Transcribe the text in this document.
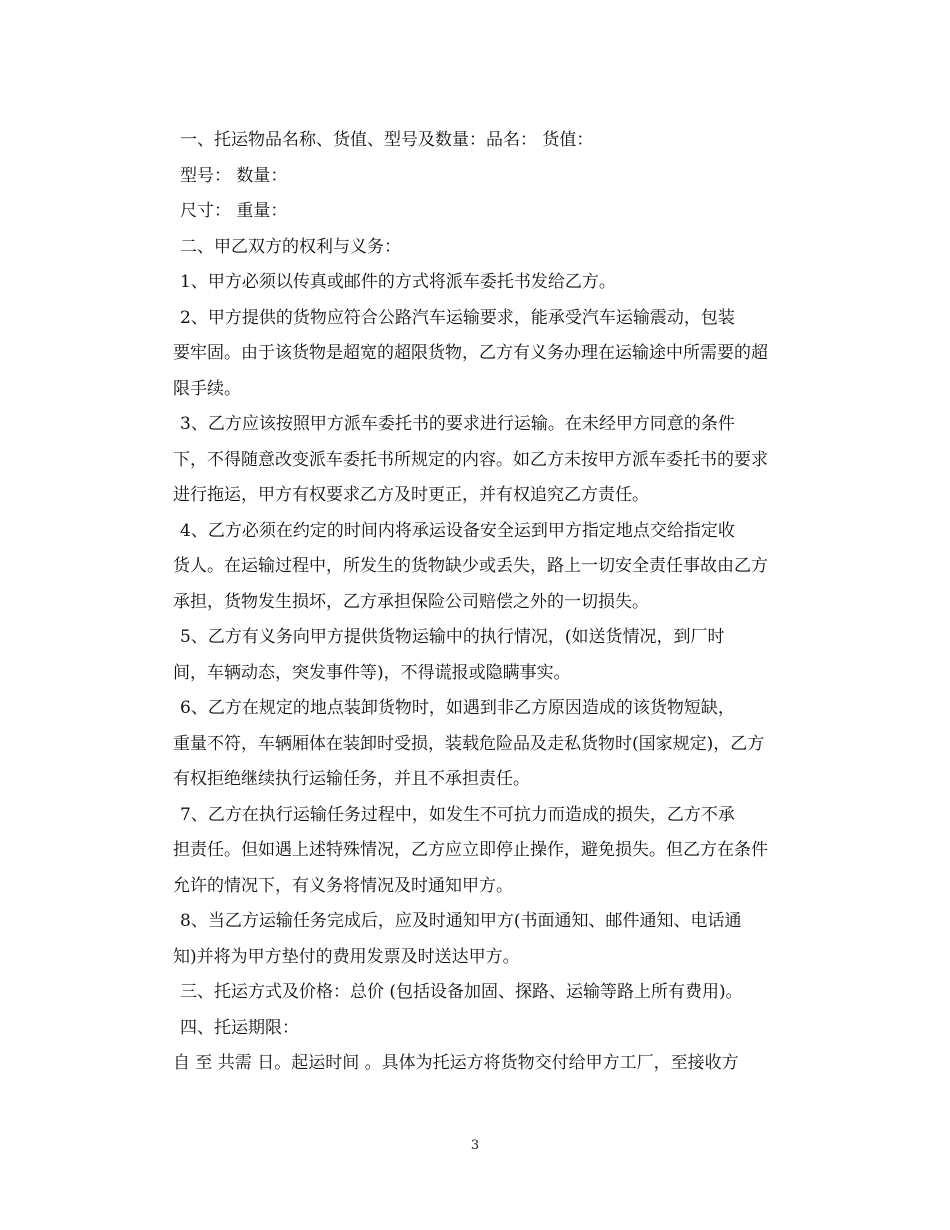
一、托运物品名称、货值、型号及数量：品名： 货值：
型号： 数量：
尺寸： 重量：
二、甲乙双方的权利与义务：
1、甲方必须以传真或邮件的方式将派车委托书发给乙方。
2、甲方提供的货物应符合公路汽车运输要求，能承受汽车运输震动，包装
要牢固。由于该货物是超宽的超限货物，乙方有义务办理在运输途中所需要的超
限手续。
3、乙方应该按照甲方派车委托书的要求进行运输。在未经甲方同意的条件
下，不得随意改变派车委托书所规定的内容。如乙方未按甲方派车委托书的要求
进行拖运，甲方有权要求乙方及时更正，并有权追究乙方责任。
4、乙方必须在约定的时间内将承运设备安全运到甲方指定地点交给指定收
货人。在运输过程中，所发生的货物缺少或丢失，路上一切安全责任事故由乙方
承担，货物发生损坏，乙方承担保险公司赔偿之外的一切损失。
5、乙方有义务向甲方提供货物运输中的执行情况，(如送货情况，到厂时
间，车辆动态，突发事件等)，不得谎报或隐瞒事实。
6、乙方在规定的地点装卸货物时，如遇到非乙方原因造成的该货物短缺，
重量不符，车辆厢体在装卸时受损，装载危险品及走私货物时(国家规定)，乙方
有权拒绝继续执行运输任务，并且不承担责任。
7、乙方在执行运输任务过程中，如发生不可抗力而造成的损失，乙方不承
担责任。但如遇上述特殊情况，乙方应立即停止操作，避免损失。但乙方在条件
允许的情况下，有义务将情况及时通知甲方。
8、当乙方运输任务完成后，应及时通知甲方(书面通知、邮件通知、电话通
知)并将为甲方垫付的费用发票及时送达甲方。
三、托运方式及价格：总价 (包括设备加固、探路、运输等路上所有费用)。
四、托运期限：
自 至 共需 日。起运时间 。具体为托运方将货物交付给甲方工厂，至接收方
3
